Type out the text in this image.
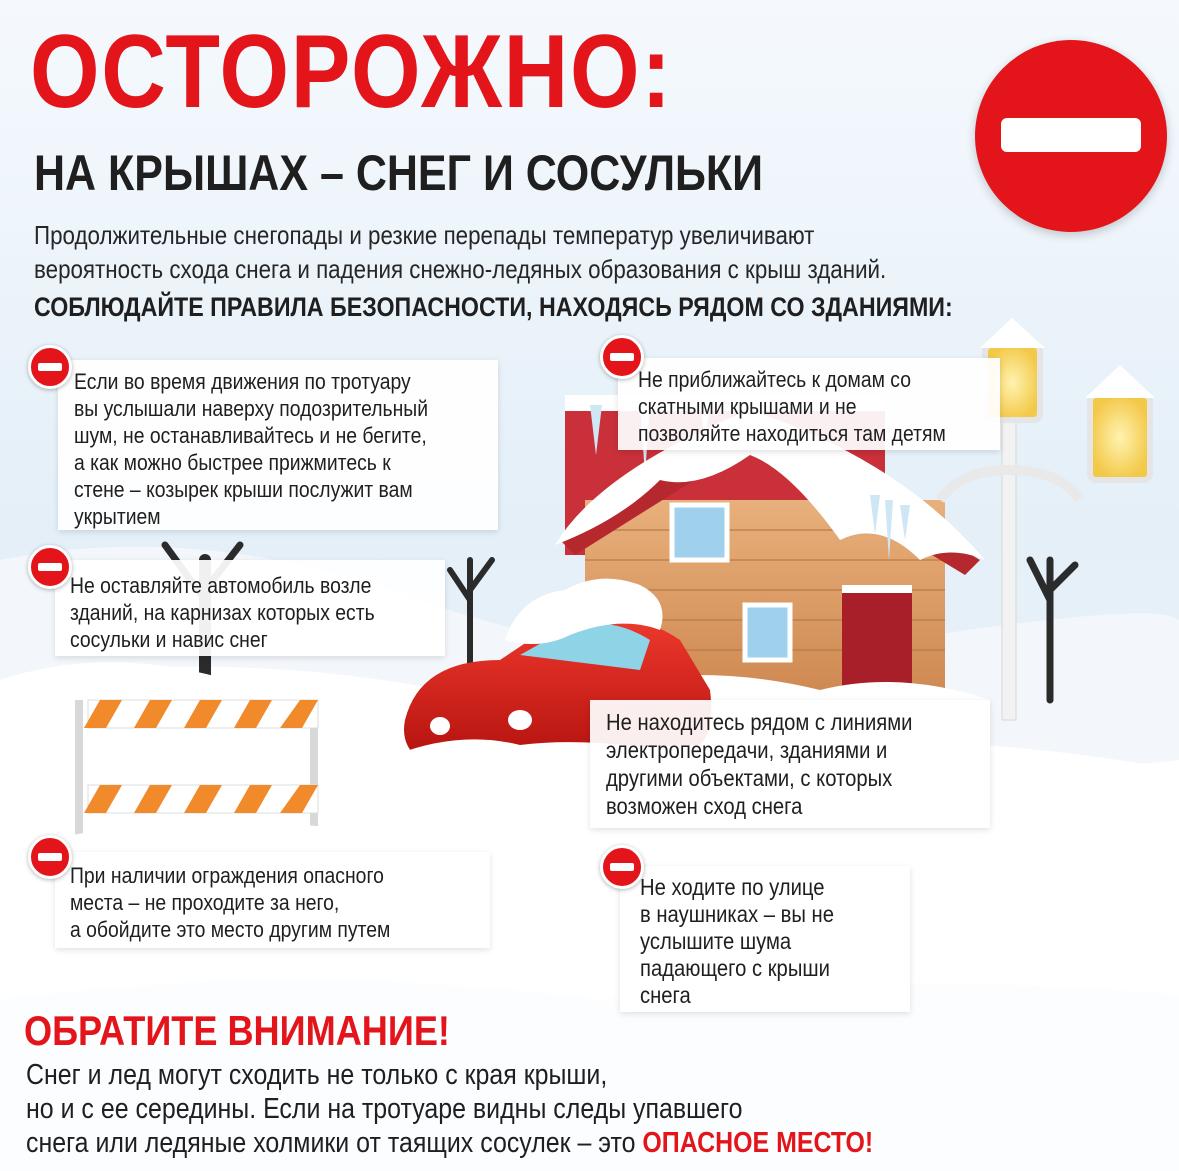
ОСТОРОЖНО:
НА КРЫШАХ – СНЕГ И СОСУЛЬКИ
Продолжительные снегопады и резкие перепады температур увеличивают
вероятность схода снега и падения снежно-ледяных образования с крыш зданий.
СОБЛЮДАЙТЕ ПРАВИЛА БЕЗОПАСНОСТИ, НАХОДЯСЬ РЯДОМ СО ЗДАНИЯМИ:
Если во время движения по тротуару
вы услышали наверху подозрительный
шум, не останавливайтесь и не бегите,
а как можно быстрее прижмитесь к
стене – козырек крыши послужит вам
укрытием
Не приближайтесь к домам со
скатными крышами и не
позволяйте находиться там детям
Не оставляйте автомобиль возле
зданий, на карнизах которых есть
сосульки и навис снег
Не находитесь рядом с линиями
электропередачи, зданиями и
другими объектами, с которых
возможен сход снега
При наличии ограждения опасного
места – не проходите за него,
а обойдите это место другим путем
Не ходите по улице
в наушниках – вы не
услышите шума
падающего с крыши
снега
ОБРАТИТЕ ВНИМАНИЕ!
Снег и лед могут сходить не только с края крыши,
но и с ее середины. Если на тротуаре видны следы упавшего
снега или ледяные холмики от таящих сосулек – это ОПАСНОЕ МЕСТО!
